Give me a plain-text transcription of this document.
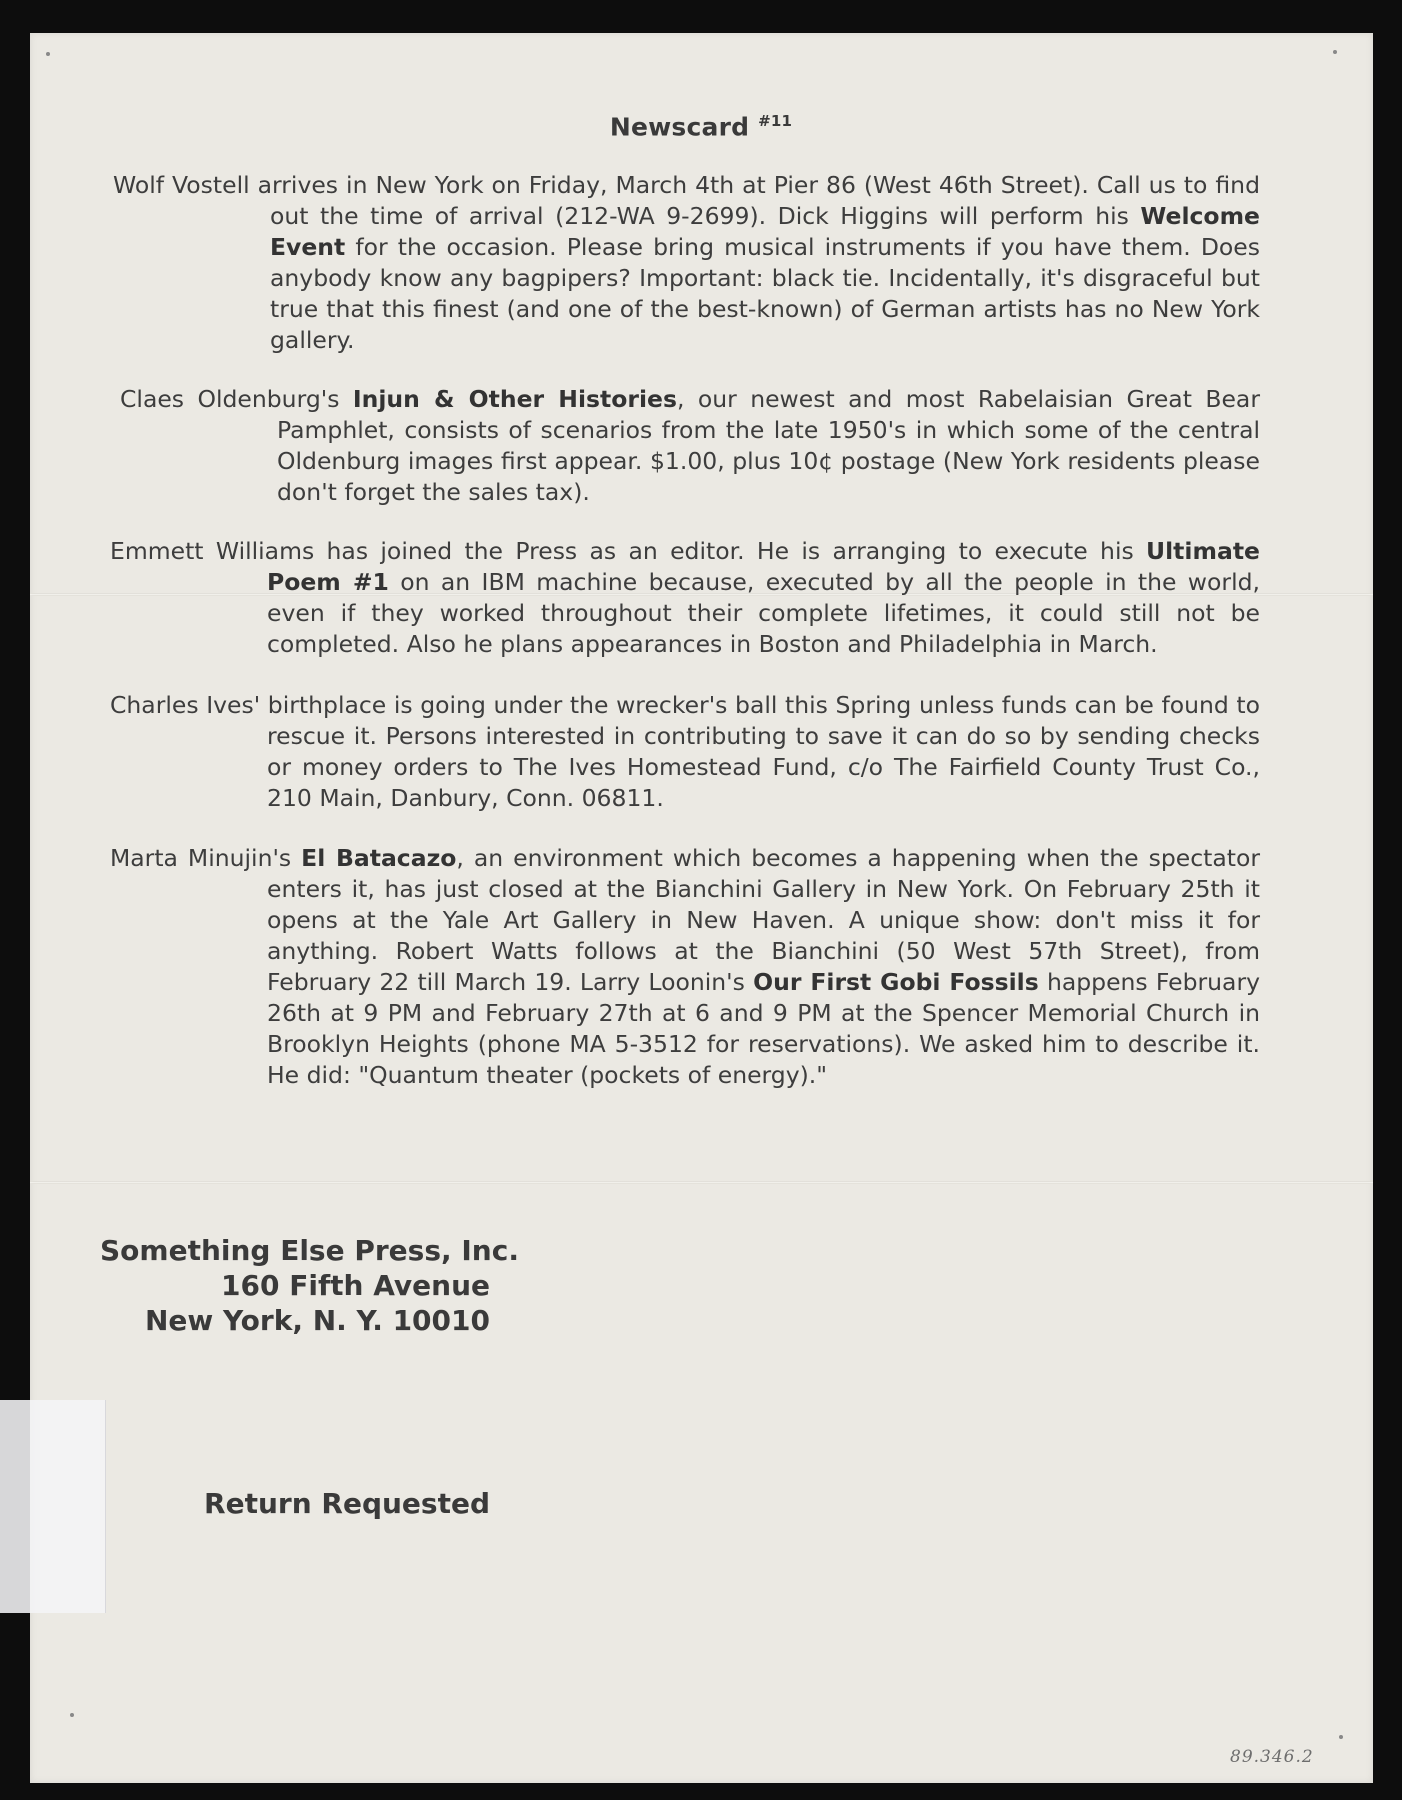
Newscard $^{\#11}$
Wolf Vostell arrives in New York on Friday, March 4th at Pier 86 (West 46th Street). Call us to find out the time of arrival (212-WA 9-2699). Dick Higgins will perform his Welcome Event for the occasion. Please bring musical instruments if you have them. Does anybody know any bagpipers? Important: black tie. Incidentally, it's disgraceful but true that this finest (and one of the best-known) of German artists has no New York gallery.
Claes Oldenburg's Injun & Other Histories, our newest and most Rabelaisian Great Bear Pamphlet, consists of scenarios from the late 1950's in which some of the central Oldenburg images first appear. $1.00, plus 10¢ postage (New York residents please don't forget the sales tax).
Emmett Williams has joined the Press as an editor. He is arranging to execute his Ultimate Poem #1 on an IBM machine because, executed by all the people in the world, even if they worked throughout their complete lifetimes, it could still not be completed. Also he plans appearances in Boston and Philadelphia in March.
Charles Ives' birthplace is going under the wrecker's ball this Spring unless funds can be found to rescue it. Persons interested in contributing to save it can do so by sending checks or money orders to The Ives Homestead Fund, c/o The Fairfield County Trust Co., 210 Main, Danbury, Conn. 06811.
Marta Minujin's El Batacazo, an environment which becomes a happening when the spectator enters it, has just closed at the Bianchini Gallery in New York. On February 25th it opens at the Yale Art Gallery in New Haven. A unique show: don't miss it for anything. Robert Watts follows at the Bianchini (50 West 57th Street), from February 22 till March 19. Larry Loonin's Our First Gobi Fossils happens February 26th at 9 PM and February 27th at 6 and 9 PM at the Spencer Memorial Church in Brooklyn Heights (phone MA 5-3512 for reservations). We asked him to describe it. He did: "Quantum theater (pockets of energy)."
Something Else Press, Inc.
160 Fifth Avenue
New York, N. Y. 10010
Return Requested
89.346.2
